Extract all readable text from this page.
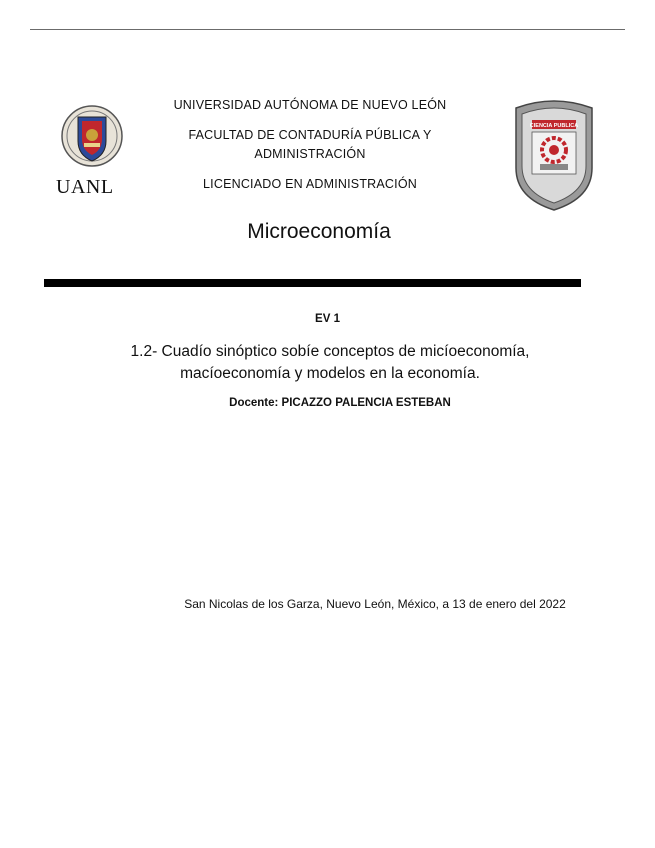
UANL

UNIVERSIDAD AUTÓNOMA DE NUEVO LEÓN

FACULTAD DE CONTADURÍA PÚBLICA Y

ADMINISTRACIÓN

LICENCIADO EN ADMINISTRACIÓN

CIENCIA PUBLICA
Microeconomía
EV 1
1.2- Cuadío sinóptico sobíe conceptos de micíoeconomía,
macíoeconomía y modelos en la economía.
Docente: PICAZZO PALENCIA ESTEBAN
San Nicolas de los Garza, Nuevo León, México, a 13 de enero del 2022
